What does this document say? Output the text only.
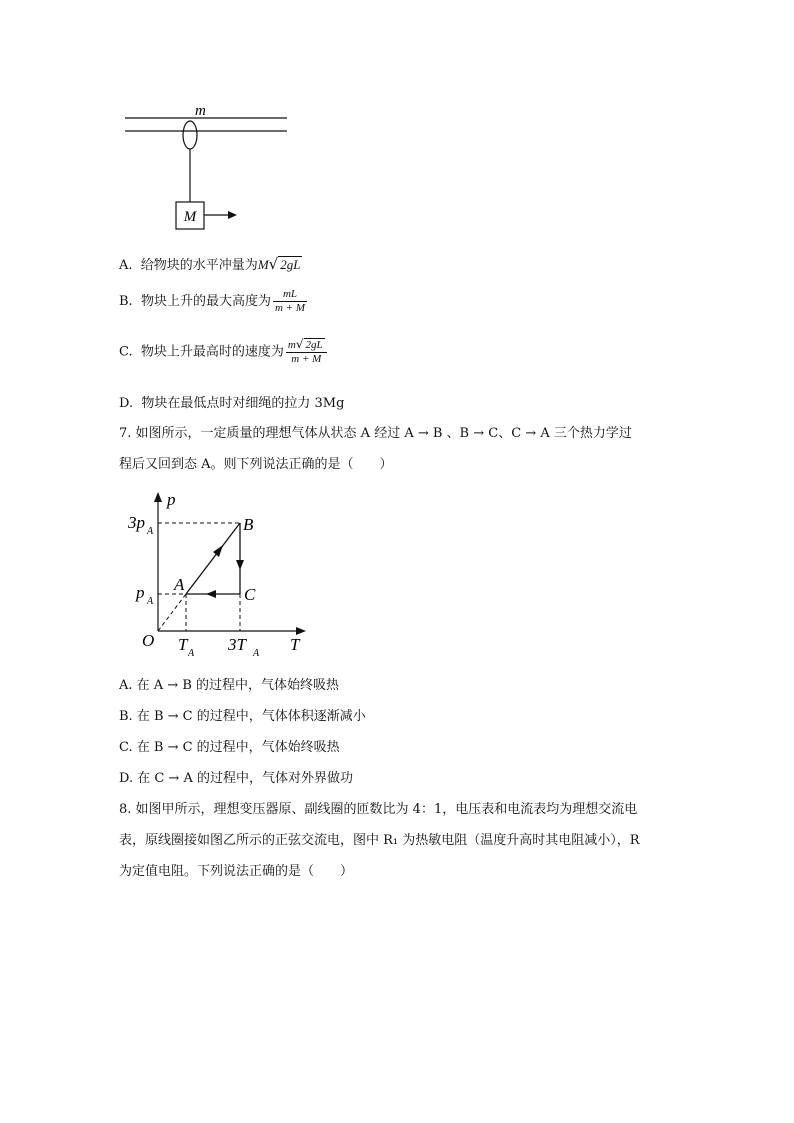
M
m
A. 给物块的水平冲量为M√ 2gL
B. 物块上升的最大高度为 $\frac{mL}{m + M}$
C. 物块上升最高时的速度为 $\frac{m√ 2gL}{m + M}$
D. 物块在最低点时对细绳的拉力 3Mg
7. 如图所示，一定质量的理想气体从状态 A 经过 A → B 、B → C、C → A 三个热力学过
程后又回到态 A。则下列说法正确的是（　　）
p
T
O
A
B
C
3p A
p A
T A 3T A
A. 在 A → B 的过程中，气体始终吸热
B. 在 B → C 的过程中，气体体积逐渐减小
C. 在 B → C 的过程中，气体始终吸热
D. 在 C → A 的过程中，气体对外界做功
8. 如图甲所示，理想变压器原、副线圈的匝数比为 4：1，电压表和电流表均为理想交流电
表，原线圈接如图乙所示的正弦交流电，图中 R₁ 为热敏电阻（温度升高时其电阻减小），R
为定值电阻。下列说法正确的是（　　）
